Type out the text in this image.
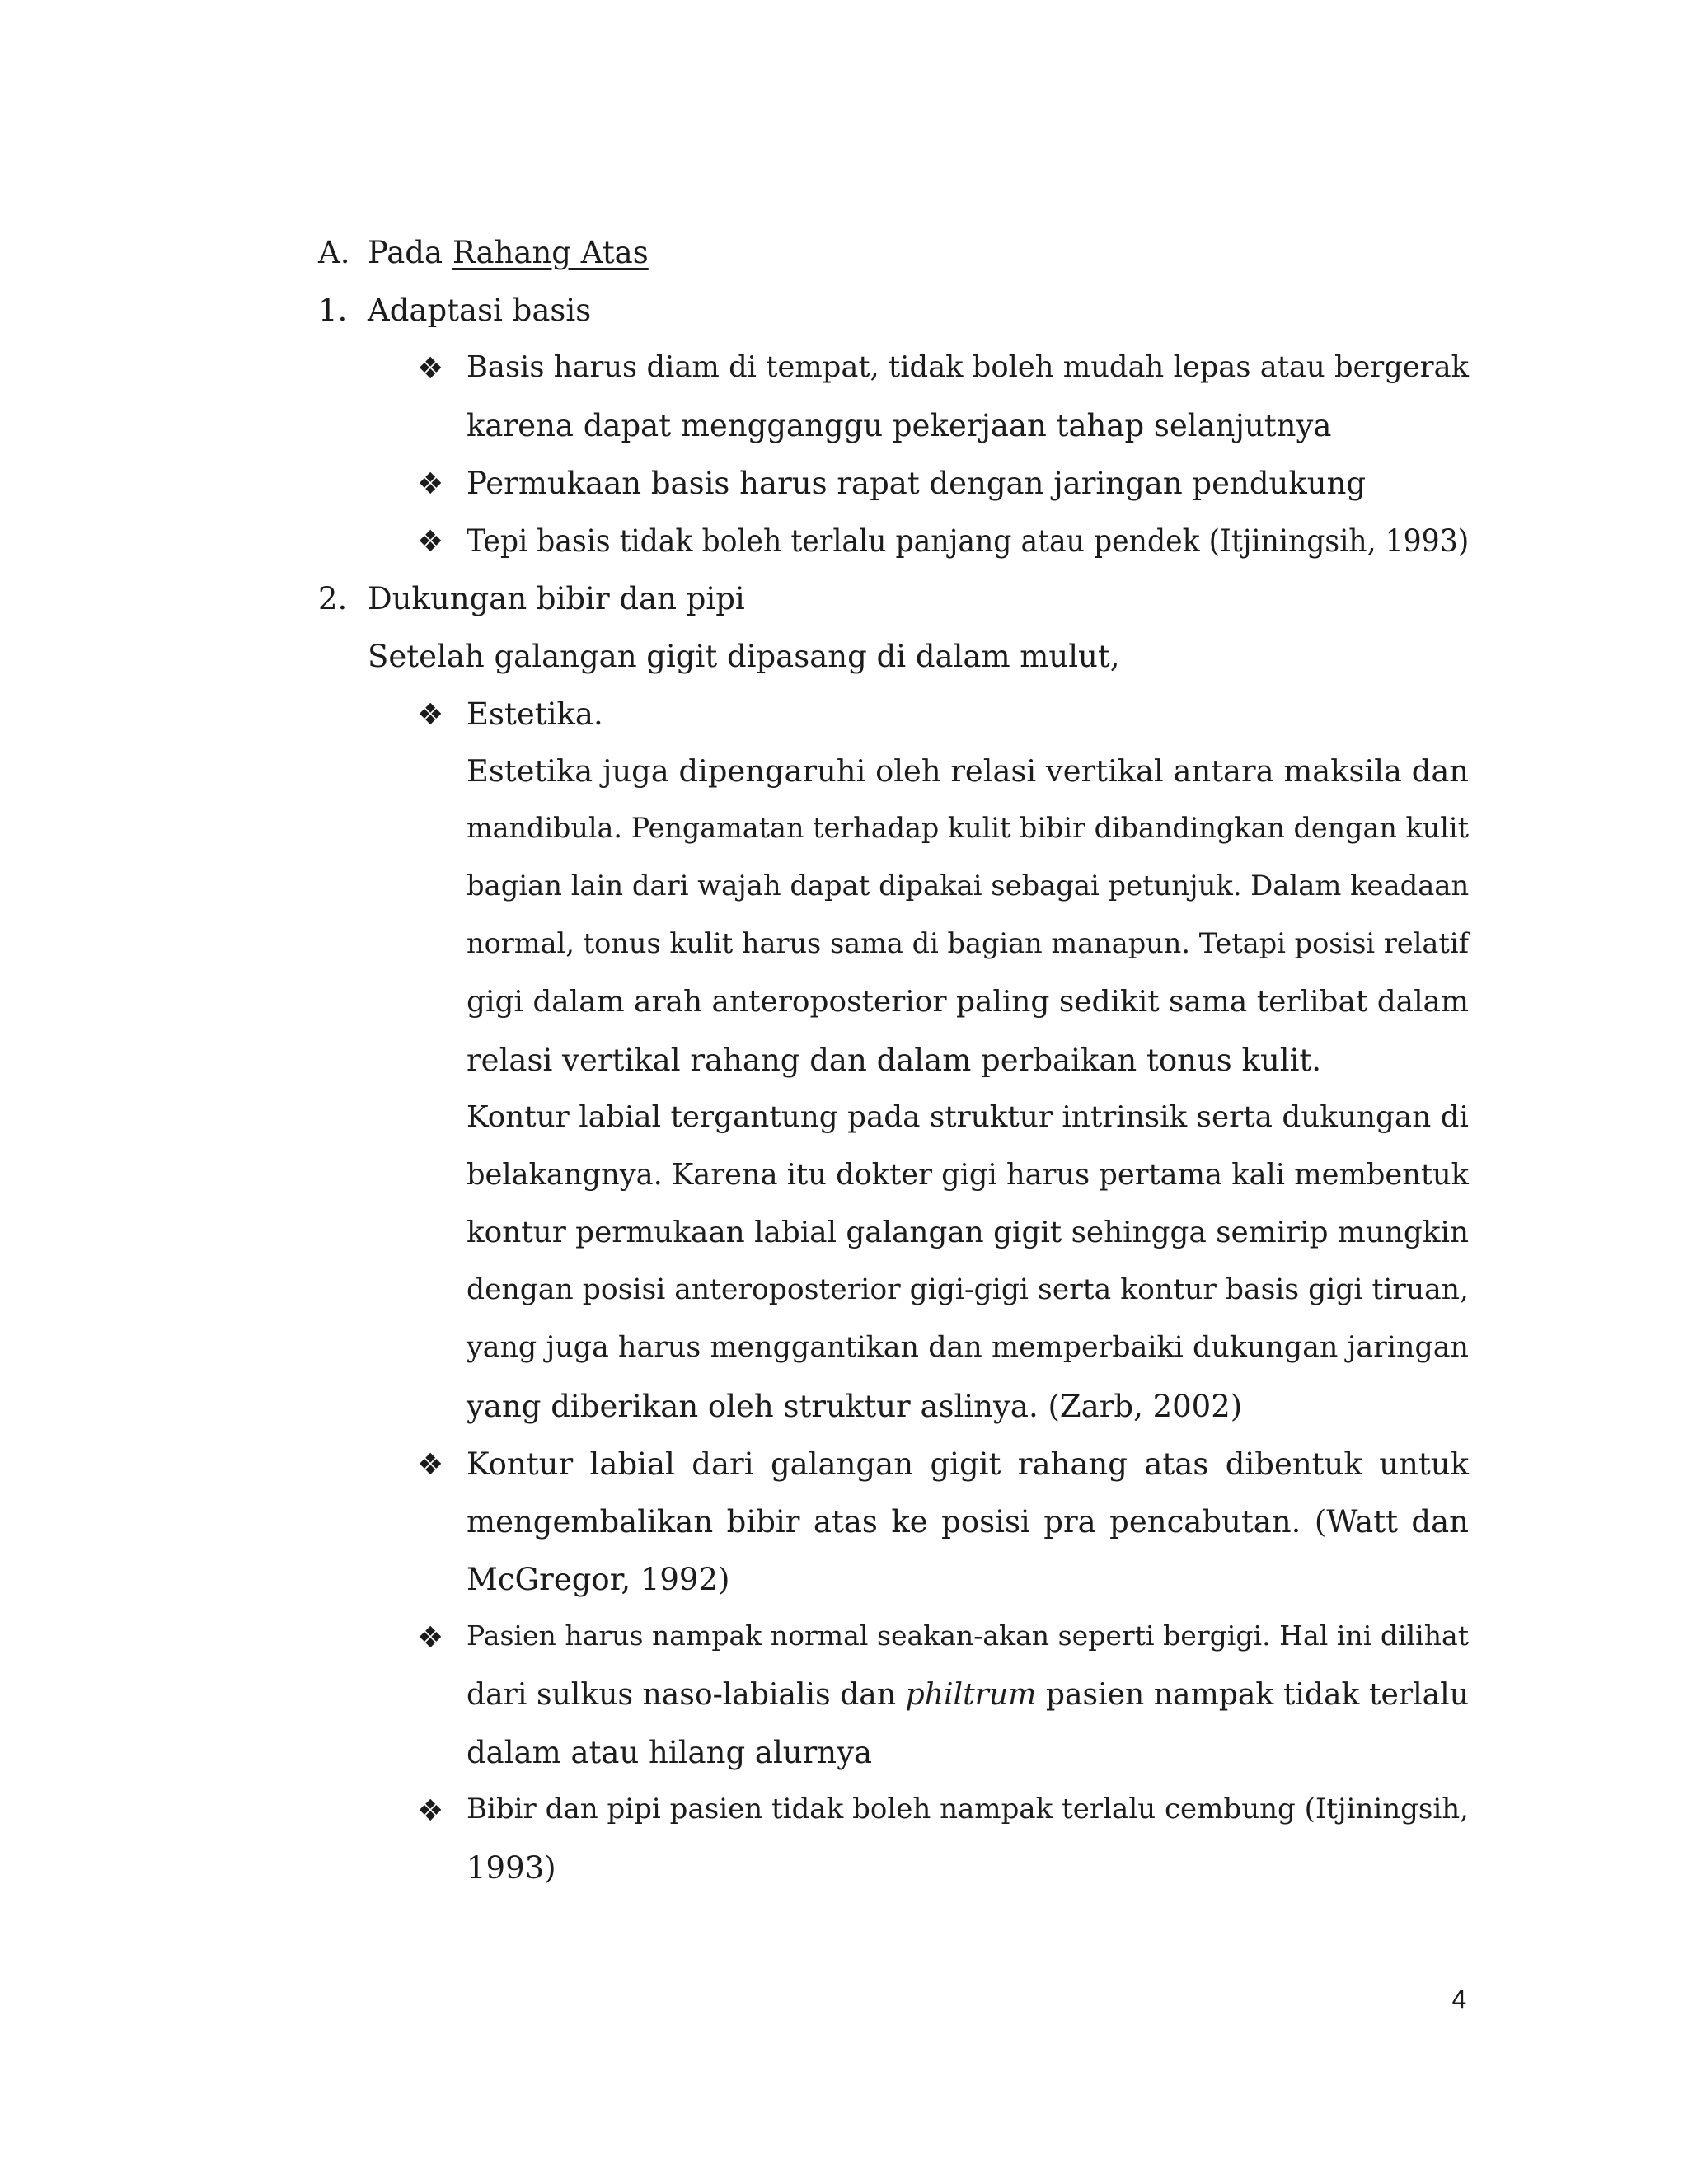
A. Pada Rahang Atas
1. Adaptasi basis
❖ Basis harus diam di tempat, tidak boleh mudah lepas atau bergerak
karena dapat mengganggu pekerjaan tahap selanjutnya
❖ Permukaan basis harus rapat dengan jaringan pendukung
❖ Tepi basis tidak boleh terlalu panjang atau pendek (Itjiningsih, 1993)
2. Dukungan bibir dan pipi
Setelah galangan gigit dipasang di dalam mulut,
❖ Estetika.
Estetika juga dipengaruhi oleh relasi vertikal antara maksila dan
mandibula. Pengamatan terhadap kulit bibir dibandingkan dengan kulit
bagian lain dari wajah dapat dipakai sebagai petunjuk. Dalam keadaan
normal, tonus kulit harus sama di bagian manapun. Tetapi posisi relatif
gigi dalam arah anteroposterior paling sedikit sama terlibat dalam
relasi vertikal rahang dan dalam perbaikan tonus kulit.
Kontur labial tergantung pada struktur intrinsik serta dukungan di
belakangnya. Karena itu dokter gigi harus pertama kali membentuk
kontur permukaan labial galangan gigit sehingga semirip mungkin
dengan posisi anteroposterior gigi-gigi serta kontur basis gigi tiruan,
yang juga harus menggantikan dan memperbaiki dukungan jaringan
yang diberikan oleh struktur aslinya. (Zarb, 2002)
❖ Kontur labial dari galangan gigit rahang atas dibentuk untuk
mengembalikan bibir atas ke posisi pra pencabutan. (Watt dan
McGregor, 1992)
❖ Pasien harus nampak normal seakan-akan seperti bergigi. Hal ini dilihat
dari sulkus naso-labialis dan philtrum pasien nampak tidak terlalu
dalam atau hilang alurnya
❖ Bibir dan pipi pasien tidak boleh nampak terlalu cembung (Itjiningsih,
1993)
4
